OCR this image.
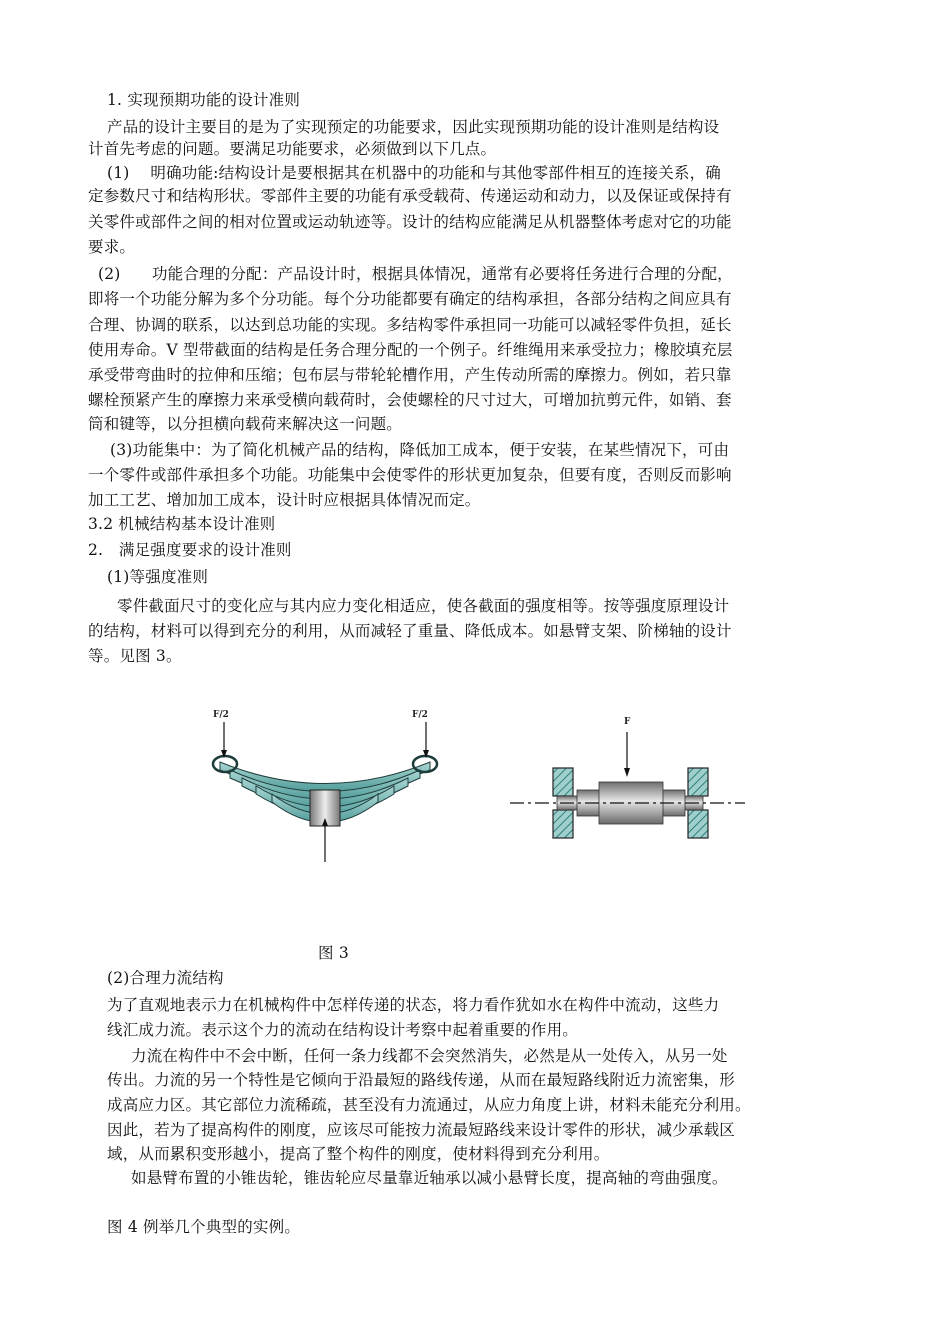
1. 实现预期功能的设计准则
产品的设计主要目的是为了实现预定的功能要求，因此实现预期功能的设计准则是结构设
计首先考虑的问题。要满足功能要求，必须做到以下几点。
(1)　 明确功能:结构设计是要根据其在机器中的功能和与其他零部件相互的连接关系，确
定参数尺寸和结构形状。零部件主要的功能有承受载荷、传递运动和动力，以及保证或保持有
关零件或部件之间的相对位置或运动轨迹等。设计的结构应能满足从机器整体考虑对它的功能
要求。
(2)　　功能合理的分配：产品设计时，根据具体情况，通常有必要将任务进行合理的分配，
即将一个功能分解为多个分功能。每个分功能都要有确定的结构承担，各部分结构之间应具有
合理、协调的联系，以达到总功能的实现。多结构零件承担同一功能可以减轻零件负担，延长
使用寿命。V 型带截面的结构是任务合理分配的一个例子。纤维绳用来承受拉力；橡胶填充层
承受带弯曲时的拉伸和压缩；包布层与带轮轮槽作用，产生传动所需的摩擦力。例如，若只靠
螺栓预紧产生的摩擦力来承受横向载荷时，会使螺栓的尺寸过大，可增加抗剪元件，如销、套
筒和键等，以分担横向载荷来解决这一问题。
(3)功能集中：为了简化机械产品的结构，降低加工成本，便于安装，在某些情况下，可由
一个零件或部件承担多个功能。功能集中会使零件的形状更加复杂，但要有度，否则反而影响
加工工艺、增加加工成本，设计时应根据具体情况而定。
3.2 机械结构基本设计准则
2.　满足强度要求的设计准则
(1)等强度准则
零件截面尺寸的变化应与其内应力变化相适应，使各截面的强度相等。按等强度原理设计
的结构，材料可以得到充分的利用，从而减轻了重量、降低成本。如悬臂支架、阶梯轴的设计
等。见图 3。
F/2	F/2
F
图 3
(2)合理力流结构
为了直观地表示力在机械构件中怎样传递的状态，将力看作犹如水在构件中流动，这些力
线汇成力流。表示这个力的流动在结构设计考察中起着重要的作用。
力流在构件中不会中断，任何一条力线都不会突然消失，必然是从一处传入，从另一处
传出。力流的另一个特性是它倾向于沿最短的路线传递，从而在最短路线附近力流密集，形
成高应力区。其它部位力流稀疏，甚至没有力流通过，从应力角度上讲，材料未能充分利用。
因此，若为了提高构件的刚度，应该尽可能按力流最短路线来设计零件的形状，减少承载区
域，从而累积变形越小，提高了整个构件的刚度，使材料得到充分利用。
如悬臂布置的小锥齿轮，锥齿轮应尽量靠近轴承以减小悬臂长度，提高轴的弯曲强度。
图 4 例举几个典型的实例。
